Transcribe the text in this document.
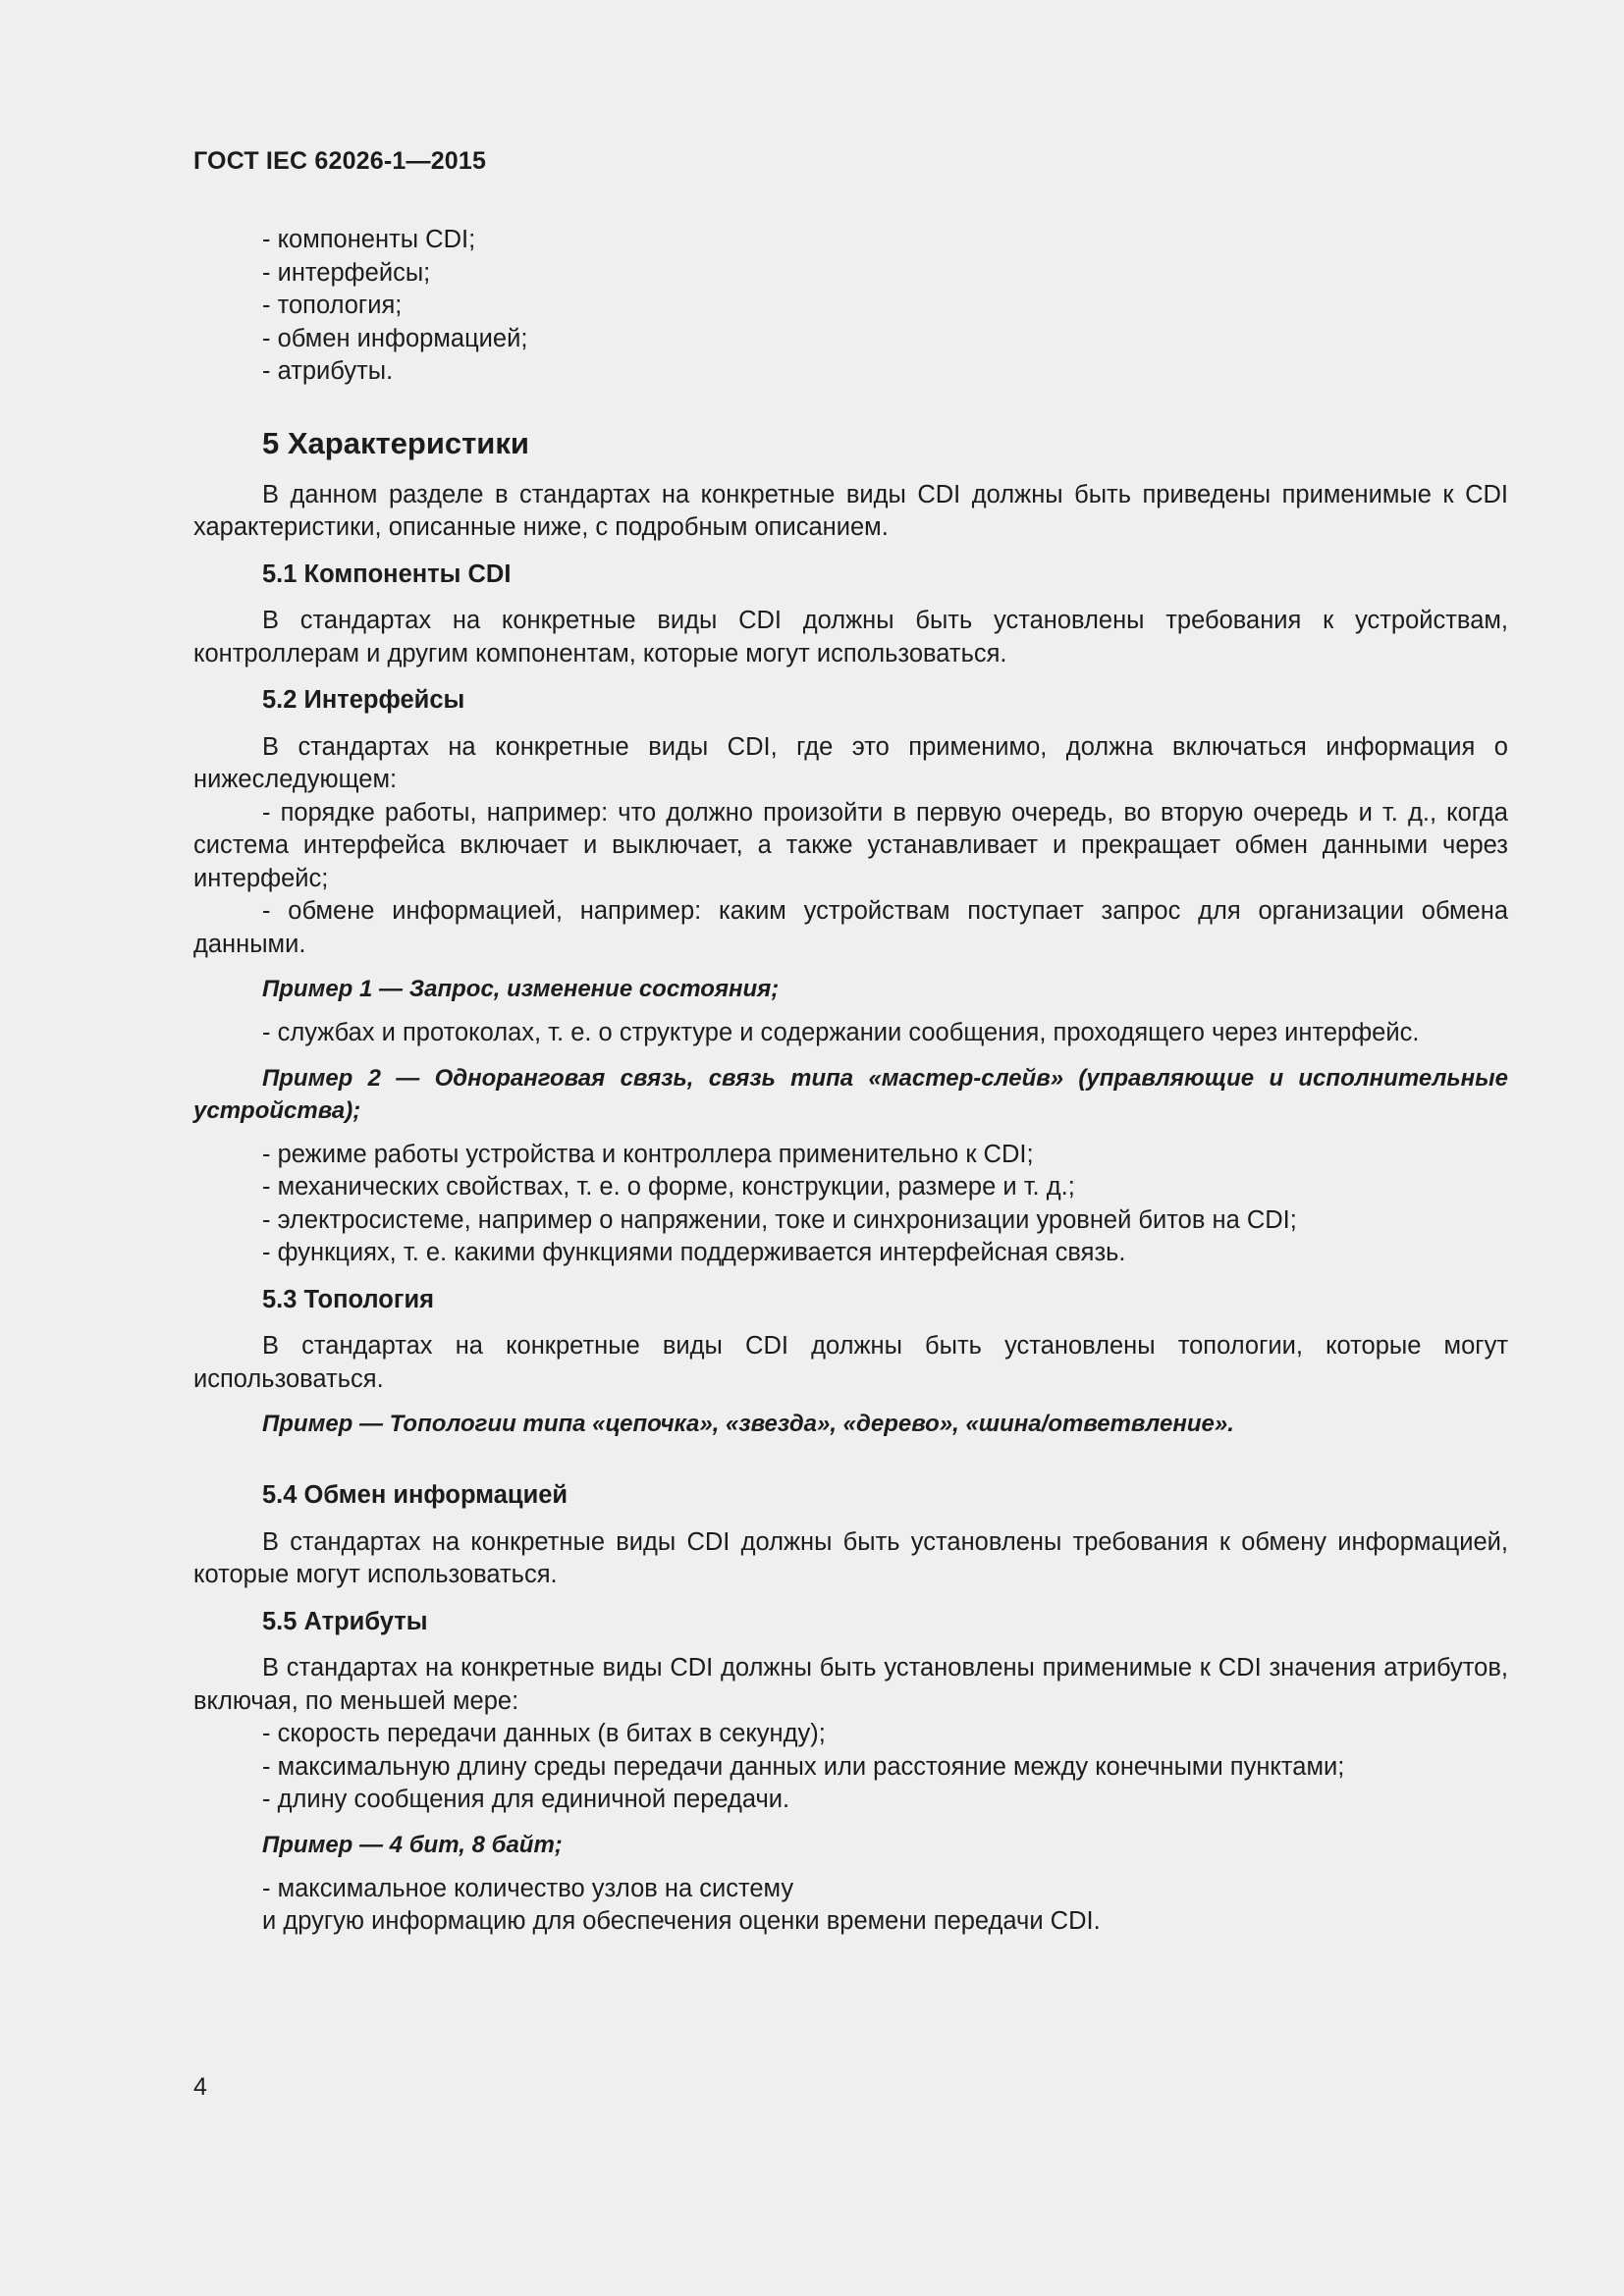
ГОСТ IEC 62026-1—2015

- компоненты CDI;

- интерфейсы;

- топология;

- обмен информацией;

- атрибуты.

5 Характеристики

В данном разделе в стандартах на конкретные виды CDI должны быть приведены применимые к CDI характеристики, описанные ниже, с подробным описанием.

5.1 Компоненты CDI

В стандартах на конкретные виды CDI должны быть установлены требования к устройствам, контроллерам и другим компонентам, которые могут использоваться.

5.2 Интерфейсы

В стандартах на конкретные виды CDI, где это применимо, должна включаться информация о нижеследующем:

- порядке работы, например: что должно произойти в первую очередь, во вторую очередь и т. д., когда система интерфейса включает и выключает, а также устанавливает и прекращает обмен данными через интерфейс;

- обмене информацией, например: каким устройствам поступает запрос для организации обмена данными.

Пример 1 — Запрос, изменение состояния;

- службах и протоколах, т. е. о структуре и содержании сообщения, проходящего через интерфейс.

Пример 2 — Одноранговая связь, связь типа «мастер-слейв» (управляющие и исполнительные устройства);

- режиме работы устройства и контроллера применительно к CDI;

- механических свойствах, т. е. о форме, конструкции, размере и т. д.;

- электросистеме, например о напряжении, токе и синхронизации уровней битов на CDI;

- функциях, т. е. какими функциями поддерживается интерфейсная связь.

5.3 Топология

В стандартах на конкретные виды CDI должны быть установлены топологии, которые могут использоваться.

Пример — Топологии типа «цепочка», «звезда», «дерево», «шина/ответвление».

5.4 Обмен информацией

В стандартах на конкретные виды CDI должны быть установлены требования к обмену информацией, которые могут использоваться.

5.5 Атрибуты

В стандартах на конкретные виды CDI должны быть установлены применимые к CDI значения атрибутов, включая, по меньшей мере:

- скорость передачи данных (в битах в секунду);

- максимальную длину среды передачи данных или расстояние между конечными пунктами;

- длину сообщения для единичной передачи.

Пример — 4 бит, 8 байт;

- максимальное количество узлов на систему

и другую информацию для обеспечения оценки времени передачи CDI.

4
